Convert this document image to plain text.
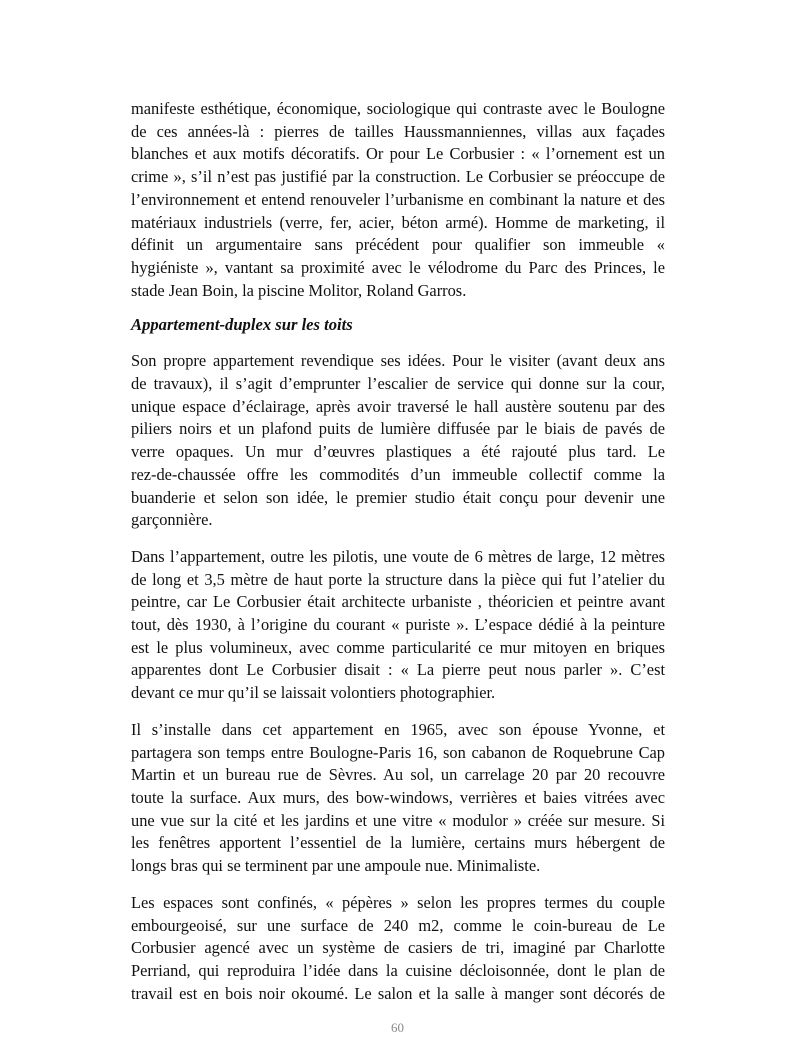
manifeste esthétique, économique, sociologique qui contraste avec le Boulogne
de ces années-là : pierres de tailles Haussmanniennes, villas aux façades
blanches et aux motifs décoratifs. Or pour Le Corbusier : « l’ornement est un
crime », s’il n’est pas justifié par la construction. Le Corbusier se préoccupe de
l’environnement et entend renouveler l’urbanisme en combinant la nature et des
matériaux industriels (verre, fer, acier, béton armé). Homme de marketing, il
définit un argumentaire sans précédent pour qualifier son immeuble «
hygiéniste », vantant sa proximité avec le vélodrome du Parc des Princes, le
stade Jean Boin, la piscine Molitor, Roland Garros.
Appartement-duplex sur les toits
Son propre appartement revendique ses idées. Pour le visiter (avant deux ans
de travaux), il s’agit d’emprunter l’escalier de service qui donne sur la cour,
unique espace d’éclairage, après avoir traversé le hall austère soutenu par des
piliers noirs et un plafond puits de lumière diffusée par le biais de pavés de
verre opaques. Un mur d’œuvres plastiques a été rajouté plus tard. Le
rez-de-chaussée offre les commodités d’un immeuble collectif comme la
buanderie et selon son idée, le premier studio était conçu pour devenir une
garçonnière.
Dans l’appartement, outre les pilotis, une voute de 6 mètres de large, 12 mètres
de long et 3,5 mètre de haut porte la structure dans la pièce qui fut l’atelier du
peintre, car Le Corbusier était architecte urbaniste , théoricien et peintre avant
tout, dès 1930, à l’origine du courant « puriste ». L’espace dédié à la peinture
est le plus volumineux, avec comme particularité ce mur mitoyen en briques
apparentes dont Le Corbusier disait : « La pierre peut nous parler ». C’est
devant ce mur qu’il se laissait volontiers photographier.
Il s’installe dans cet appartement en 1965, avec son épouse Yvonne, et
partagera son temps entre Boulogne-Paris 16, son cabanon de Roquebrune Cap
Martin et un bureau rue de Sèvres. Au sol, un carrelage 20 par 20 recouvre
toute la surface. Aux murs, des bow-windows, verrières et baies vitrées avec
une vue sur la cité et les jardins et une vitre « modulor » créée sur mesure. Si
les fenêtres apportent l’essentiel de la lumière, certains murs hébergent de
longs bras qui se terminent par une ampoule nue. Minimaliste.
Les espaces sont confinés, « pépères » selon les propres termes du couple
embourgeoisé, sur une surface de 240 m2, comme le coin-bureau de Le
Corbusier agencé avec un système de casiers de tri, imaginé par Charlotte
Perriand, qui reproduira l’idée dans la cuisine décloisonnée, dont le plan de
travail est en bois noir okoumé. Le salon et la salle à manger sont décorés de
60
